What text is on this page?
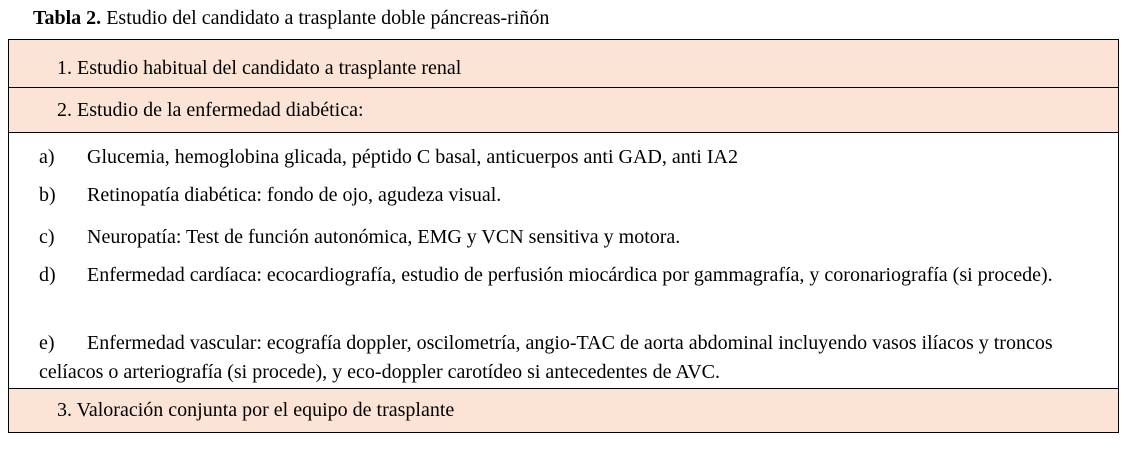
Tabla 2. Estudio del candidato a trasplante doble páncreas-riñón
1. Estudio habitual del candidato a trasplante renal
2. Estudio de la enfermedad diabética:
a) Glucemia, hemoglobina glicada, péptido C basal, anticuerpos anti GAD, anti IA2
b) Retinopatía diabética: fondo de ojo, agudeza visual.
c) Neuropatía: Test de función autonómica, EMG y VCN sensitiva y motora.
d) Enfermedad cardíaca: ecocardiografía, estudio de perfusión miocárdica por gammagrafía, y coronariografía (si procede).
e) Enfermedad vascular: ecografía doppler, oscilometría, angio-TAC de aorta abdominal incluyendo vasos ilíacos y troncos celíacos o arteriografía (si procede), y eco-doppler carotídeo si antecedentes de AVC.
3. Valoración conjunta por el equipo de trasplante
